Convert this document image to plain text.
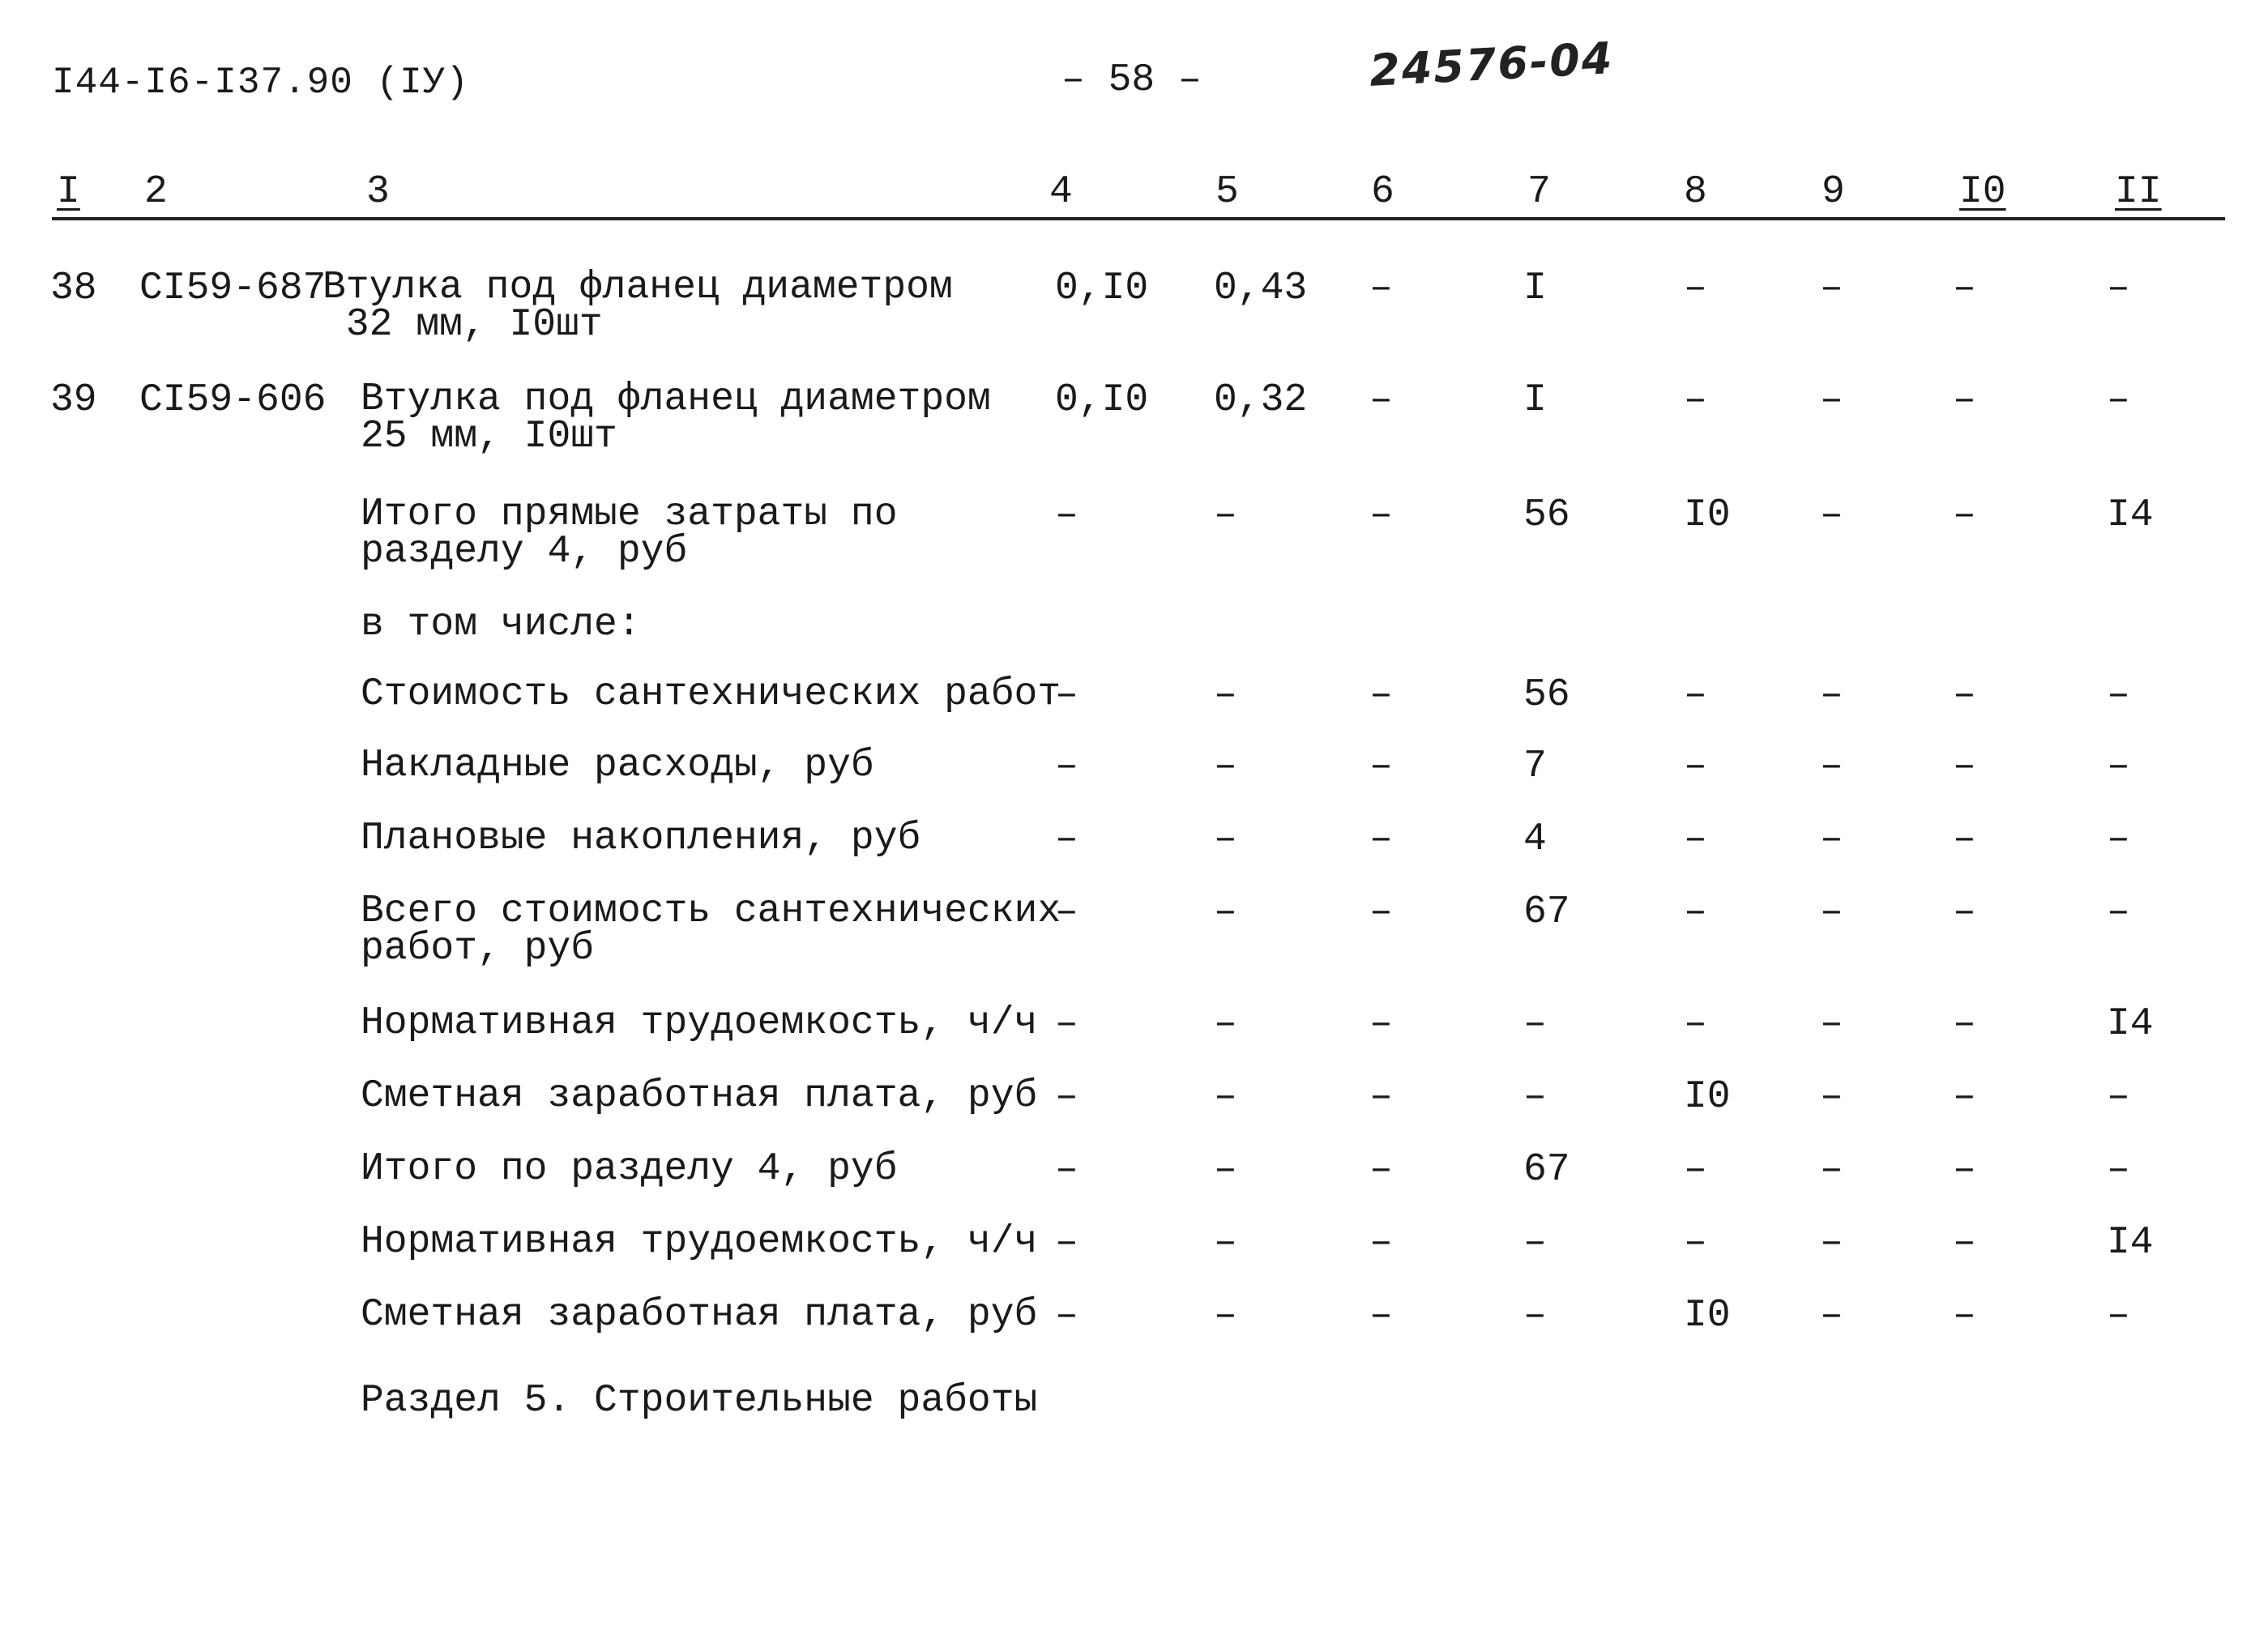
I44-I6-I37.90 (IУ)	– 58 –	24576-04
I 2	3	4	5	6	7	8	9	I0	II
38 CI59-687
Втулка под фланец диаметром
32 мм, I0шт
0,I0 0,43 –	I	–	–	–	–
39 CI59-606 Втулка под фланец диаметром
25 мм, I0шт
0,I0 0,32 –	I	–	–	–	–
Итого прямые затраты по
разделу 4, руб
–	–	–	56	I0 –	–	I4
в том числе:
Стоимость сантехнических работ
–	–	–	56	–	–	–	–
Накладные расходы, руб	–	–	–	7	–	–	–	–
Плановые накопления, руб	–	–	–	4	–	–	–	–
Всего стоимость сантехнических
работ, руб
–	–	–	67	–	–	–	–
Нормативная трудоемкость, ч/ч –	–	–	–	–	–	–	I4
Сметная заработная плата, руб –	–	–	–	I0 –	–	–
Итого по разделу 4, руб	–	–	–	67	–	–	–	–
Нормативная трудоемкость, ч/ч –	–	–	–	–	–	–	I4
Сметная заработная плата, руб –	–	–	–	I0 –	–	–
Раздел 5. Строительные работы
